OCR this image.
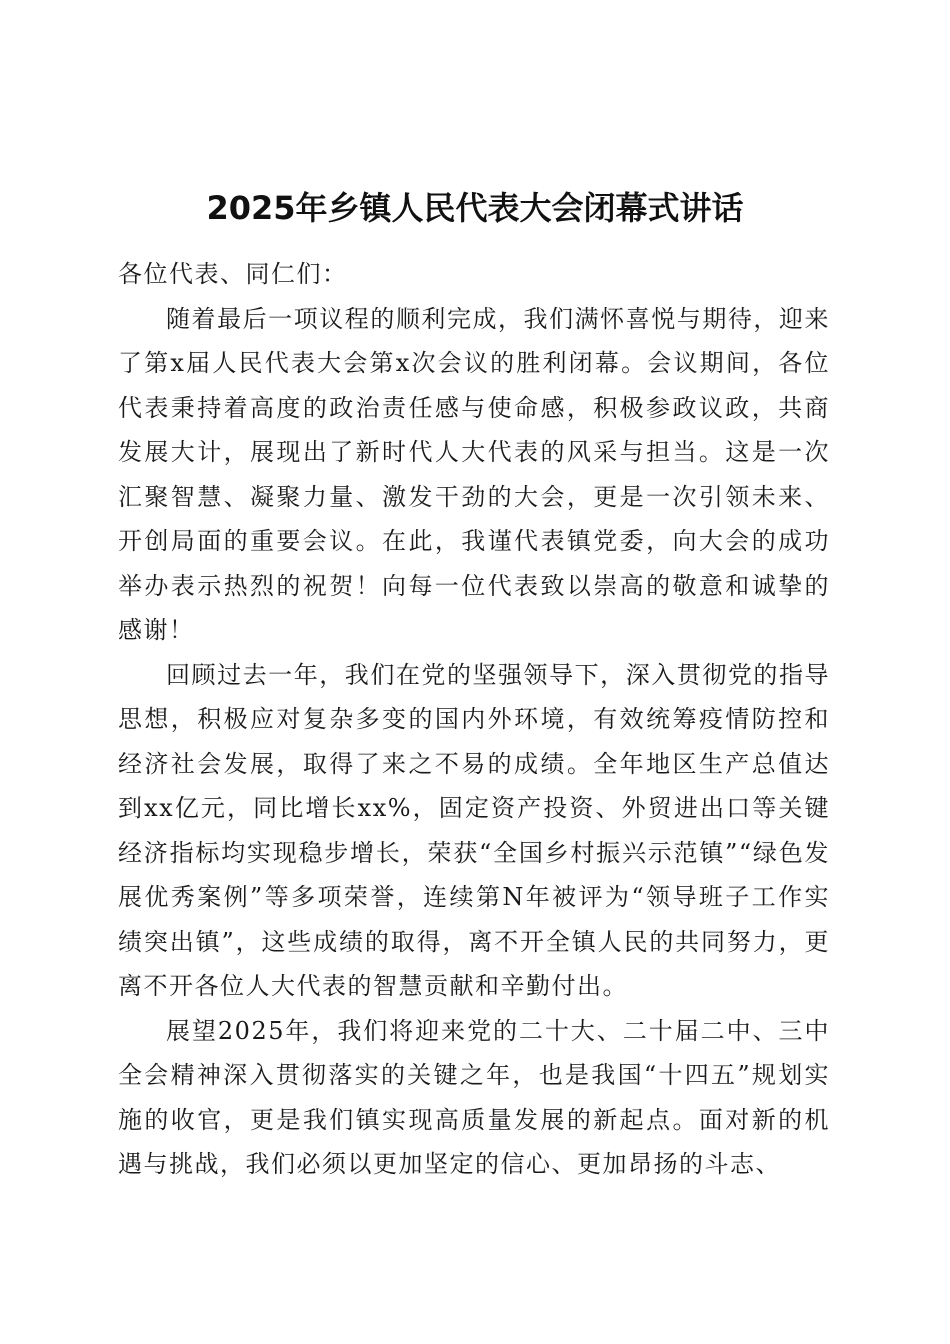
2025年乡镇人民代表大会闭幕式讲话

各位代表、同仁们：

随着最后一项议程的顺利完成，我们满怀喜悦与期待，迎来了第x届人民代表大会第x次会议的胜利闭幕。会议期间，各位代表秉持着高度的政治责任感与使命感，积极参政议政，共商发展大计，展现出了新时代人大代表的风采与担当。这是一次汇聚智慧、凝聚力量、激发干劲的大会，更是一次引领未来、开创局面的重要会议。在此，我谨代表镇党委，向大会的成功举办表示热烈的祝贺！向每一位代表致以崇高的敬意和诚挚的感谢！

回顾过去一年，我们在党的坚强领导下，深入贯彻党的指导思想，积极应对复杂多变的国内外环境，有效统筹疫情防控和经济社会发展，取得了来之不易的成绩。全年地区生产总值达到xx亿元，同比增长xx%，固定资产投资、外贸进出口等关键经济指标均实现稳步增长，荣获“全国乡村振兴示范镇”“绿色发展优秀案例”等多项荣誉，连续第N年被评为“领导班子工作实绩突出镇”，这些成绩的取得，离不开全镇人民的共同努力，更离不开各位人大代表的智慧贡献和辛勤付出。

展望2025年，我们将迎来党的二十大、二十届二中、三中全会精神深入贯彻落实的关键之年，也是我国“十四五”规划实施的收官，更是我们镇实现高质量发展的新起点。面对新的机遇与挑战，我们必须以更加坚定的信心、更加昂扬的斗志、
